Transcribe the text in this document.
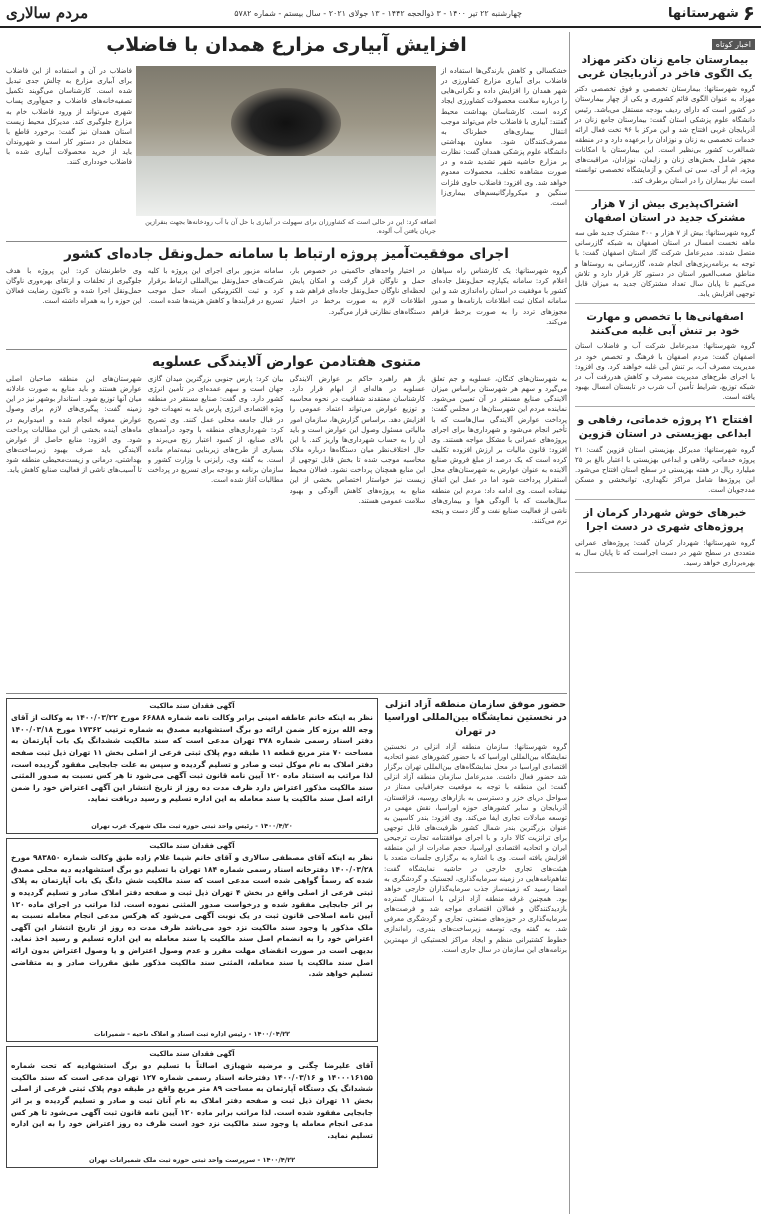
۶
شهرستانها
چهارشنبه ۲۲ تیر ۱۴۰۰ - ۳ ذوالحجه ۱۴۴۲ - ۱۳ جولای ۲۰۲۱ - سال بیستم - شماره ۵۷۸۲
مردم سالاری
اخبار کوتاه
بیمارستان جامع زنان دکتر مهزاد یک الگوی فاخر در آذربایجان غربی
گروه شهرستانها: بیمارستان تخصصی و فوق تخصصی دکتر مهزاد به عنوان الگوی قائم کشوری و یکی از چهار بیمارستان در کشور است که دارای ردیف بودجه مستقل می‌باشد. رئیس دانشگاه علوم پزشکی استان گفت: بیمارستان جامع زنان در آذربایجان غربی افتتاح شد و این مرکز با ۹۶ تخت فعال ارائه خدمات تخصصی به زنان و نوزادان را برعهده دارد و در منطقه شمالغرب کشور بی‌نظیر است. این بیمارستان با امکانات مجهز شامل بخش‌های زنان و زایمان، نوزادان، مراقبت‌های ویژه، ام آر آی، سی تی اسکن و آزمایشگاه تخصصی توانسته است نیاز بیماران را در استان برطرف کند.
اشتراک‌پذیری بیش از ۷ هزار مشترک جدید در استان اصفهان
گروه شهرستانها: بیش از ۷ هزار و ۳۰۰ مشترک جدید طی سه ماهه نخست امسال در استان اصفهان به شبکه گازرسانی متصل شدند. مدیرعامل شرکت گاز استان اصفهان گفت: با توجه به برنامه‌ریزی‌های انجام شده، گازرسانی به روستاها و مناطق صعب‌العبور استان در دستور کار قرار دارد و تلاش می‌کنیم تا پایان سال تعداد مشترکان جدید به میزان قابل توجهی افزایش یابد.
اصفهانی‌ها با تخصص و مهارت خود بر تنش آبی غلبه می‌کنند
گروه شهرستانها: مدیرعامل شرکت آب و فاضلاب استان اصفهان گفت: مردم اصفهان با فرهنگ و تخصص خود در مدیریت مصرف آب، بر تنش آبی غلبه خواهند کرد. وی افزود: با اجرای طرح‌های مدیریت مصرف و کاهش هدررفت آب در شبکه توزیع، شرایط تأمین آب شرب در تابستان امسال بهبود یافته است.
افتتاح ۲۱ پروژه خدماتی، رفاهی و ابداعی بهزیستی در استان قزوین
گروه شهرستانها: مدیرکل بهزیستی استان قزوین گفت: ۲۱ پروژه خدماتی، رفاهی و ابداعی بهزیستی با اعتبار بالغ بر ۲۵ میلیارد ریال در هفته بهزیستی در سطح استان افتتاح می‌شود. این پروژه‌ها شامل مراکز نگهداری، توانبخشی و مسکن مددجویان است.
خبرهای خوش شهردار کرمان از پروژه‌های شهری در دست اجرا
گروه شهرستانها: شهردار کرمان گفت: پروژه‌های عمرانی متعددی در سطح شهر در دست اجراست که تا پایان سال به بهره‌برداری خواهد رسید.
افزایش آبیاری مزارع همدان با فاضلاب
خشکسالی و کاهش بارندگی‌ها استفاده از فاضلاب برای آبیاری مزارع کشاورزی در شهر همدان را افزایش داده و نگرانی‌هایی را درباره سلامت محصولات کشاورزی ایجاد کرده است. کارشناسان بهداشت محیط گفتند: آبیاری با فاضلاب خام می‌تواند موجب انتقال بیماری‌های خطرناک به مصرف‌کنندگان شود. معاون بهداشتی دانشگاه علوم پزشکی همدان گفت: نظارت بر مزارع حاشیه شهر تشدید شده و در صورت مشاهده تخلف، محصولات معدوم خواهد شد. وی افزود: فاضلاب حاوی فلزات سنگین و میکروارگانیسم‌های بیماری‌زا است.
اضافه کرد: این در حالی است که کشاورزان برای سهولت در آبیاری با حل آن با آب رودخانه‌ها بجهت بنفرازین جریان یافتن آب آلوده.
فاضلاب در آن و استفاده از این فاضلاب برای آبیاری مزارع به چالش جدی تبدیل شده است. کارشناسان می‌گویند تکمیل تصفیه‌خانه‌های فاضلاب و جمع‌آوری پساب شهری می‌تواند از ورود فاضلاب خام به مزارع جلوگیری کند. مدیرکل محیط زیست استان همدان نیز گفت: برخورد قاطع با متخلفان در دستور کار است و شهروندان باید از خرید محصولات آبیاری شده با فاضلاب خودداری کنند.
اجرای موفقیت‌آمیز پروژه ارتباط با سامانه حمل‌ونقل جاده‌ای کشور
گروه شهرستانها: یک کارشناس راه سپاهان اعلام کرد: سامانه یکپارچه حمل‌ونقل جاده‌ای کشور با موفقیت در استان راه‌اندازی شد و این سامانه امکان ثبت اطلاعات بارنامه‌ها و صدور مجوزهای تردد را به صورت برخط فراهم می‌کند.
در اختیار واحدهای حاکمیتی در خصوص بار، حمل و ناوگان قرار گرفت و امکان پایش لحظه‌ای ناوگان حمل‌ونقل جاده‌ای فراهم شد و اطلاعات لازم به صورت برخط در اختیار دستگاه‌های نظارتی قرار می‌گیرد.
سامانه مزبور برای اجرای این پروژه با کلیه شرکت‌های حمل‌ونقل بین‌المللی ارتباط برقرار کرد و ثبت الکترونیکی اسناد حمل موجب تسریع در فرآیندها و کاهش هزینه‌ها شده است.
وی خاطرنشان کرد: این پروژه با هدف جلوگیری از تخلفات و ارتقای بهره‌وری ناوگان حمل‌ونقل اجرا شده و تاکنون رضایت فعالان این حوزه را به همراه داشته است.
متنوی هفتادمن عوارض آلایندگی عسلویه
به شهرستان‌های کنگان، عسلویه و جم تعلق می‌گیرد و سهم هر شهرستان براساس میزان آلایندگی صنایع مستقر در آن تعیین می‌شود. نماینده مردم این شهرستان‌ها در مجلس گفت: پرداخت عوارض آلایندگی سال‌هاست که با تأخیر انجام می‌شود و شهرداری‌ها برای اجرای پروژه‌های عمرانی با مشکل مواجه هستند. وی افزود: قانون مالیات بر ارزش افزوده تکلیف کرده است که یک درصد از مبلغ فروش صنایع آلاینده به عنوان عوارض به شهرستان‌های محل استقرار پرداخت شود اما در عمل این اتفاق نیفتاده است. وی ادامه داد: مردم این منطقه سال‌هاست که با آلودگی هوا و بیماری‌های ناشی از فعالیت صنایع نفت و گاز دست و پنجه نرم می‌کنند.
باز هم راهبرد حاکم بر عوارض آلایندگی عسلویه در هاله‌ای از ابهام قرار دارد. کارشناسان معتقدند شفافیت در نحوه محاسبه و توزیع عوارض می‌تواند اعتماد عمومی را افزایش دهد. براساس گزارش‌ها، سازمان امور مالیاتی مسئول وصول این عوارض است و باید آن را به حساب شهرداری‌ها واریز کند. با این حال اختلاف‌نظر میان دستگاه‌ها درباره ملاک محاسبه موجب شده تا بخش قابل توجهی از این منابع همچنان پرداخت نشود. فعالان محیط زیست نیز خواستار اختصاص بخشی از این منابع به پروژه‌های کاهش آلودگی و بهبود سلامت عمومی هستند.
بیان کرد: پارس جنوبی بزرگترین میدان گازی جهان است و سهم عمده‌ای در تأمین انرژی کشور دارد. وی گفت: صنایع مستقر در منطقه ویژه اقتصادی انرژی پارس باید به تعهدات خود در قبال جامعه محلی عمل کنند. وی تصریح کرد: شهرداری‌های منطقه با وجود درآمدهای بالای صنایع، از کمبود اعتبار رنج می‌برند و بسیاری از طرح‌های زیربنایی نیمه‌تمام مانده است. به گفته وی، رایزنی با وزارت کشور و سازمان برنامه و بودجه برای تسریع در پرداخت مطالبات آغاز شده است.
شهرستان‌های این منطقه صاحبان اصلی عوارض هستند و باید منابع به صورت عادلانه میان آنها توزیع شود. استاندار بوشهر نیز در این زمینه گفت: پیگیری‌های لازم برای وصول عوارض معوقه انجام شده و امیدواریم در ماه‌های آینده بخشی از این مطالبات پرداخت شود. وی افزود: منابع حاصل از عوارض آلایندگی باید صرف بهبود زیرساخت‌های بهداشتی، درمانی و زیست‌محیطی منطقه شود تا آسیب‌های ناشی از فعالیت صنایع کاهش یابد.
حضور موفق سازمان منطقه آزاد انزلی در نخستین نمایشگاه بین‌المللی اوراسیا در تهران
گروه شهرستانها: سازمان منطقه آزاد انزلی در نخستین نمایشگاه بین‌المللی اوراسیا که با حضور کشورهای عضو اتحادیه اقتصادی اوراسیا در محل نمایشگاه‌های بین‌المللی تهران برگزار شد حضور فعال داشت. مدیرعامل سازمان منطقه آزاد انزلی گفت: این منطقه با توجه به موقعیت جغرافیایی ممتاز در سواحل دریای خزر و دسترسی به بازارهای روسیه، قزاقستان، آذربایجان و سایر کشورهای حوزه اوراسیا، نقش مهمی در توسعه مبادلات تجاری ایفا می‌کند. وی افزود: بندر کاسپین به عنوان بزرگترین بندر شمال کشور ظرفیت‌های قابل توجهی برای ترانزیت کالا دارد و با اجرای موافقتنامه تجارت ترجیحی ایران و اتحادیه اقتصادی اوراسیا، حجم صادرات از این منطقه افزایش یافته است. وی با اشاره به برگزاری جلسات متعدد با هیئت‌های تجاری خارجی در حاشیه نمایشگاه گفت: تفاهم‌نامه‌هایی در زمینه سرمایه‌گذاری، لجستیک و گردشگری به امضا رسید که زمینه‌ساز جذب سرمایه‌گذاران خارجی خواهد بود. همچنین غرفه منطقه آزاد انزلی با استقبال گسترده بازدیدکنندگان و فعالان اقتصادی مواجه شد و فرصت‌های سرمایه‌گذاری در حوزه‌های صنعتی، تجاری و گردشگری معرفی شد. به گفته وی، توسعه زیرساخت‌های بندری، راه‌اندازی خطوط کشتیرانی منظم و ایجاد مراکز لجستیکی از مهمترین برنامه‌های این سازمان در سال جاری است.
آگهی فقدان سند مالکیت
نظر به اینکه خانم عاطفه امینی برابر وکالت نامه شماره ۶۶۸۸۸ مورخ ۱۴۰۰/۰۳/۲۲ به وکالت از آقای وجه الله برزه کار ضمن ارائه دو برگ استشهادیه مصدق به شماره ترتیب ۱۷۳۶۲ مورخ ۱۴۰۰/۰۳/۱۸ دفتر اسناد رسمی شماره ۳۷۸ تهران مدعی است که سند مالکیت ششدانگ یک باب آپارتمان به مساحت ۷۰ متر مربع قطعه ۱۱ طبقه دوم پلاک ثبتی فرعی از اصلی بخش ۱۱ تهران ذیل ثبت صفحه دفتر املاک به نام موکل ثبت و صادر و تسلیم گردیده و سپس به علت جابجایی مفقود گردیده است، لذا مراتب به استناد ماده ۱۲۰ آیین نامه قانون ثبت آگهی می‌شود تا هر کس نسبت به صدور المثنی سند مالکیت مذکور اعتراض دارد ظرف مدت ده روز از تاریخ انتشار این آگهی اعتراض خود را ضمن ارائه اصل سند مالکیت یا سند معامله به این اداره تسلیم و رسید دریافت نماید.
۱۴۰۰/۴/۲۰ - رئیس واحد ثبتی حوزه ثبت ملک شهرک غرب تهران
آگهی فقدان سند مالکیت
نظر به اینکه آقای مصطفی سالاری و آقای خانم شیما غلام زاده طبق وکالت شماره ۹۸۳۸۵۰ مورخ ۱۴۰۰/۰۳/۲۸ دفترخانه اسناد رسمی شماره ۱۸۴ تهران با تسلیم دو برگ استشهادیه دیه محلی مصدق شده که رسماً گواهی شده است مدعی است که سند مالکیت شش دانگ یک باب آپارتمان به پلاک ثبتی فرعی از اصلی واقع در بخش ۴ تهران ذیل ثبت و صفحه دفتر املاک صادر و تسلیم گردیده و بر اثر جابجایی مفقود شده و درخواست صدور المثنی نموده است. لذا مراتب در اجرای ماده ۱۲۰ آیین نامه اصلاحی قانون ثبت در یک نوبت آگهی می‌شود که هرکس مدعی انجام معامله نسبت به ملک مذکور یا وجود سند مالکیت نزد خود می‌باشد ظرف مدت ده روز از تاریخ انتشار این آگهی اعتراض خود را به انضمام اصل سند مالکیت یا سند معامله به این اداره تسلیم و رسید اخذ نماید. بدیهی است در صورت انقضای مهلت مقرر و عدم وصول اعتراض و یا وصول اعتراض بدون ارائه اصل سند مالکیت یا سند معامله، المثنی سند مالکیت مذکور طبق مقررات صادر و به متقاضی تسلیم خواهد شد.
۱۴۰۰/۰۴/۲۲ - رئیس اداره ثبت اسناد و املاک ناحیه - شمیرانات
آگهی فقدان سند مالکیت
آقای علیرضا چگنی و مرضیه شهبازی اصالتاً با تسلیم دو برگ استشهادیه که تحت شماره ۱۴۰۰۰۱۶۱۵۵ و ۱۴۰۰/۰۳/۱۶ دفترخانه اسناد رسمی شماره ۱۲۷ تهران مدعی است که سند مالکیت ششدانگ یک دستگاه آپارتمان به مساحت ۸۹ متر مربع واقع در طبقه دوم پلاک ثبتی فرعی از اصلی بخش ۱۱ تهران ذیل ثبت و صفحه دفتر املاک به نام آنان ثبت و صادر و تسلیم گردیده و بر اثر جابجایی مفقود شده است. لذا مراتب برابر ماده ۱۲۰ آیین نامه قانون ثبت آگهی می‌شود تا هر کس مدعی انجام معامله یا وجود سند مالکیت نزد خود است ظرف ده روز اعتراض خود را به این اداره تسلیم نماید.
۱۴۰۰/۴/۲۲ - سرپرست واحد ثبتی حوزه ثبت ملک شمیرانات تهران
